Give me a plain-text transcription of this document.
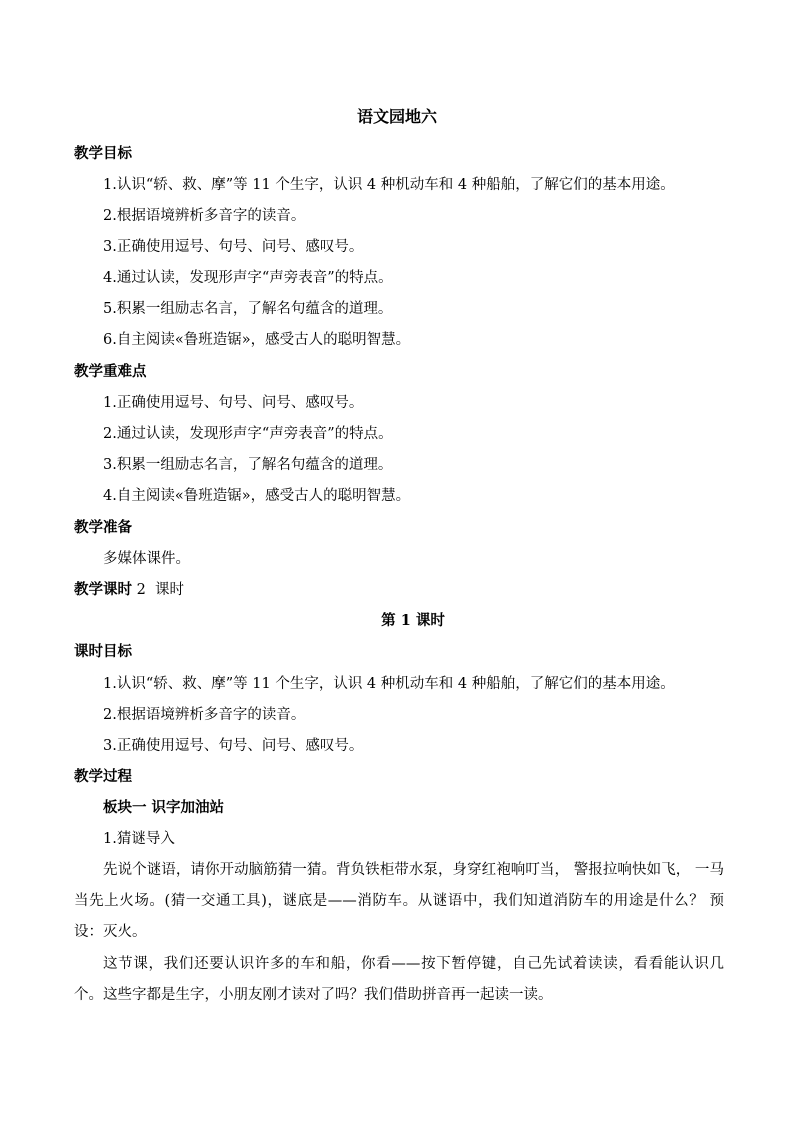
语文园地六
教学目标
1.认识“轿、救、摩”等 11 个生字，认识 4 种机动车和 4 种船舶，了解它们的基本用途。
2.根据语境辨析多音字的读音。
3.正确使用逗号、句号、问号、感叹号。
4.通过认读，发现形声字“声旁表音”的特点。
5.积累一组励志名言，了解名句蕴含的道理。
6.自主阅读«鲁班造锯»，感受古人的聪明智慧。
教学重难点
1.正确使用逗号、句号、问号、感叹号。
2.通过认读，发现形声字“声旁表音”的特点。
3.积累一组励志名言，了解名句蕴含的道理。
4.自主阅读«鲁班造锯»，感受古人的聪明智慧。
教学准备
多媒体课件。
教学课时 2  课时
第 1 课时
课时目标
1.认识“轿、救、摩”等 11 个生字，认识 4 种机动车和 4 种船舶，了解它们的基本用途。
2.根据语境辨析多音字的读音。
3.正确使用逗号、句号、问号、感叹号。
教学过程
板块一 识字加油站
1.猜谜导入
先说个谜语，请你开动脑筋猜一猜。背负铁柜带水泵，身穿红袍响叮当， 警报拉响快如飞， 一马当先上火场。(猜一交通工具)，谜底是——消防车。从谜语中，我们知道消防车的用途是什么？ 预设：灭火。
这节课，我们还要认识许多的车和船，你看——按下暂停键，自己先试着读读，看看能认识几个。这些字都是生字，小朋友刚才读对了吗？我们借助拼音再一起读一读。
